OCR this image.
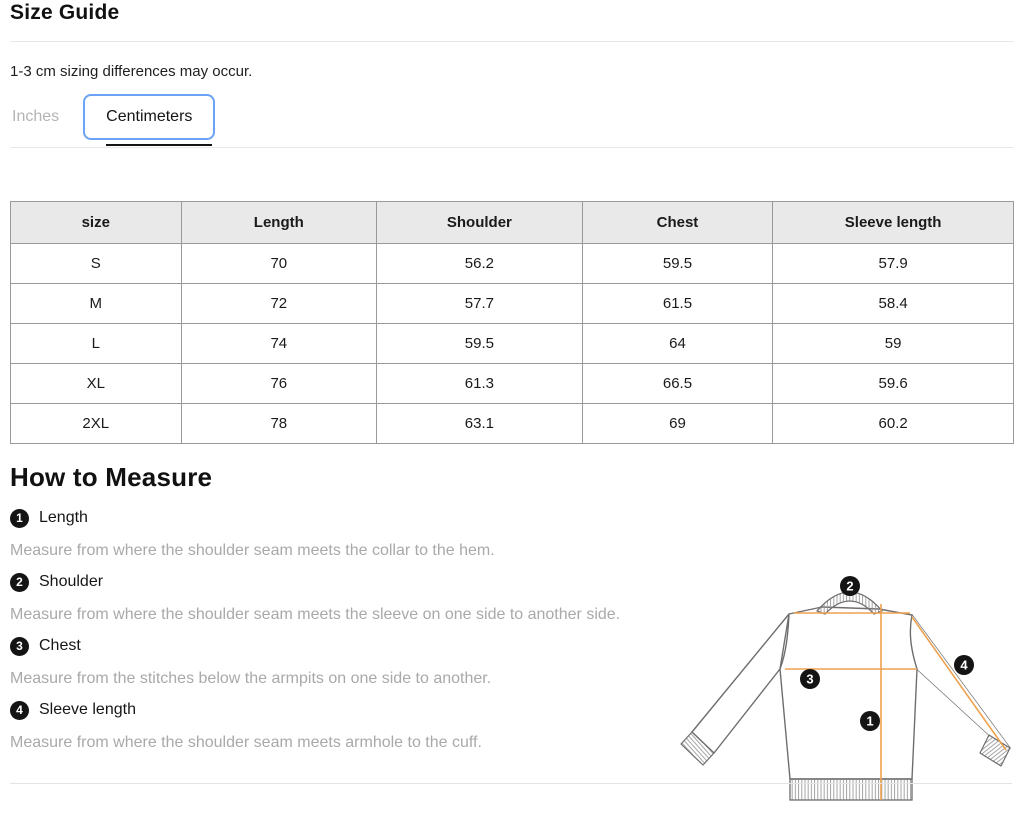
Size Guide

1-3 cm sizing differences may occur.

Inches	Centimeters
size	Length	Shoulder	Chest	Sleeve length
S	70	56.2	59.5	57.9
M	72	57.7	61.5	58.4
L	74	59.5	64	59
XL	76	61.3	66.5	59.6
2XL	78	63.1	69	60.2
How to Measure
1	Length

Measure from where the shoulder seam meets the collar to the hem.

2	Shoulder

Measure from where the shoulder seam meets the sleeve on one side to another side.

3	Chest

Measure from the stitches below the armpits on one side to another.

4	Sleeve length

Measure from where the shoulder seam meets armhole to the cuff.

2
3
4
1
